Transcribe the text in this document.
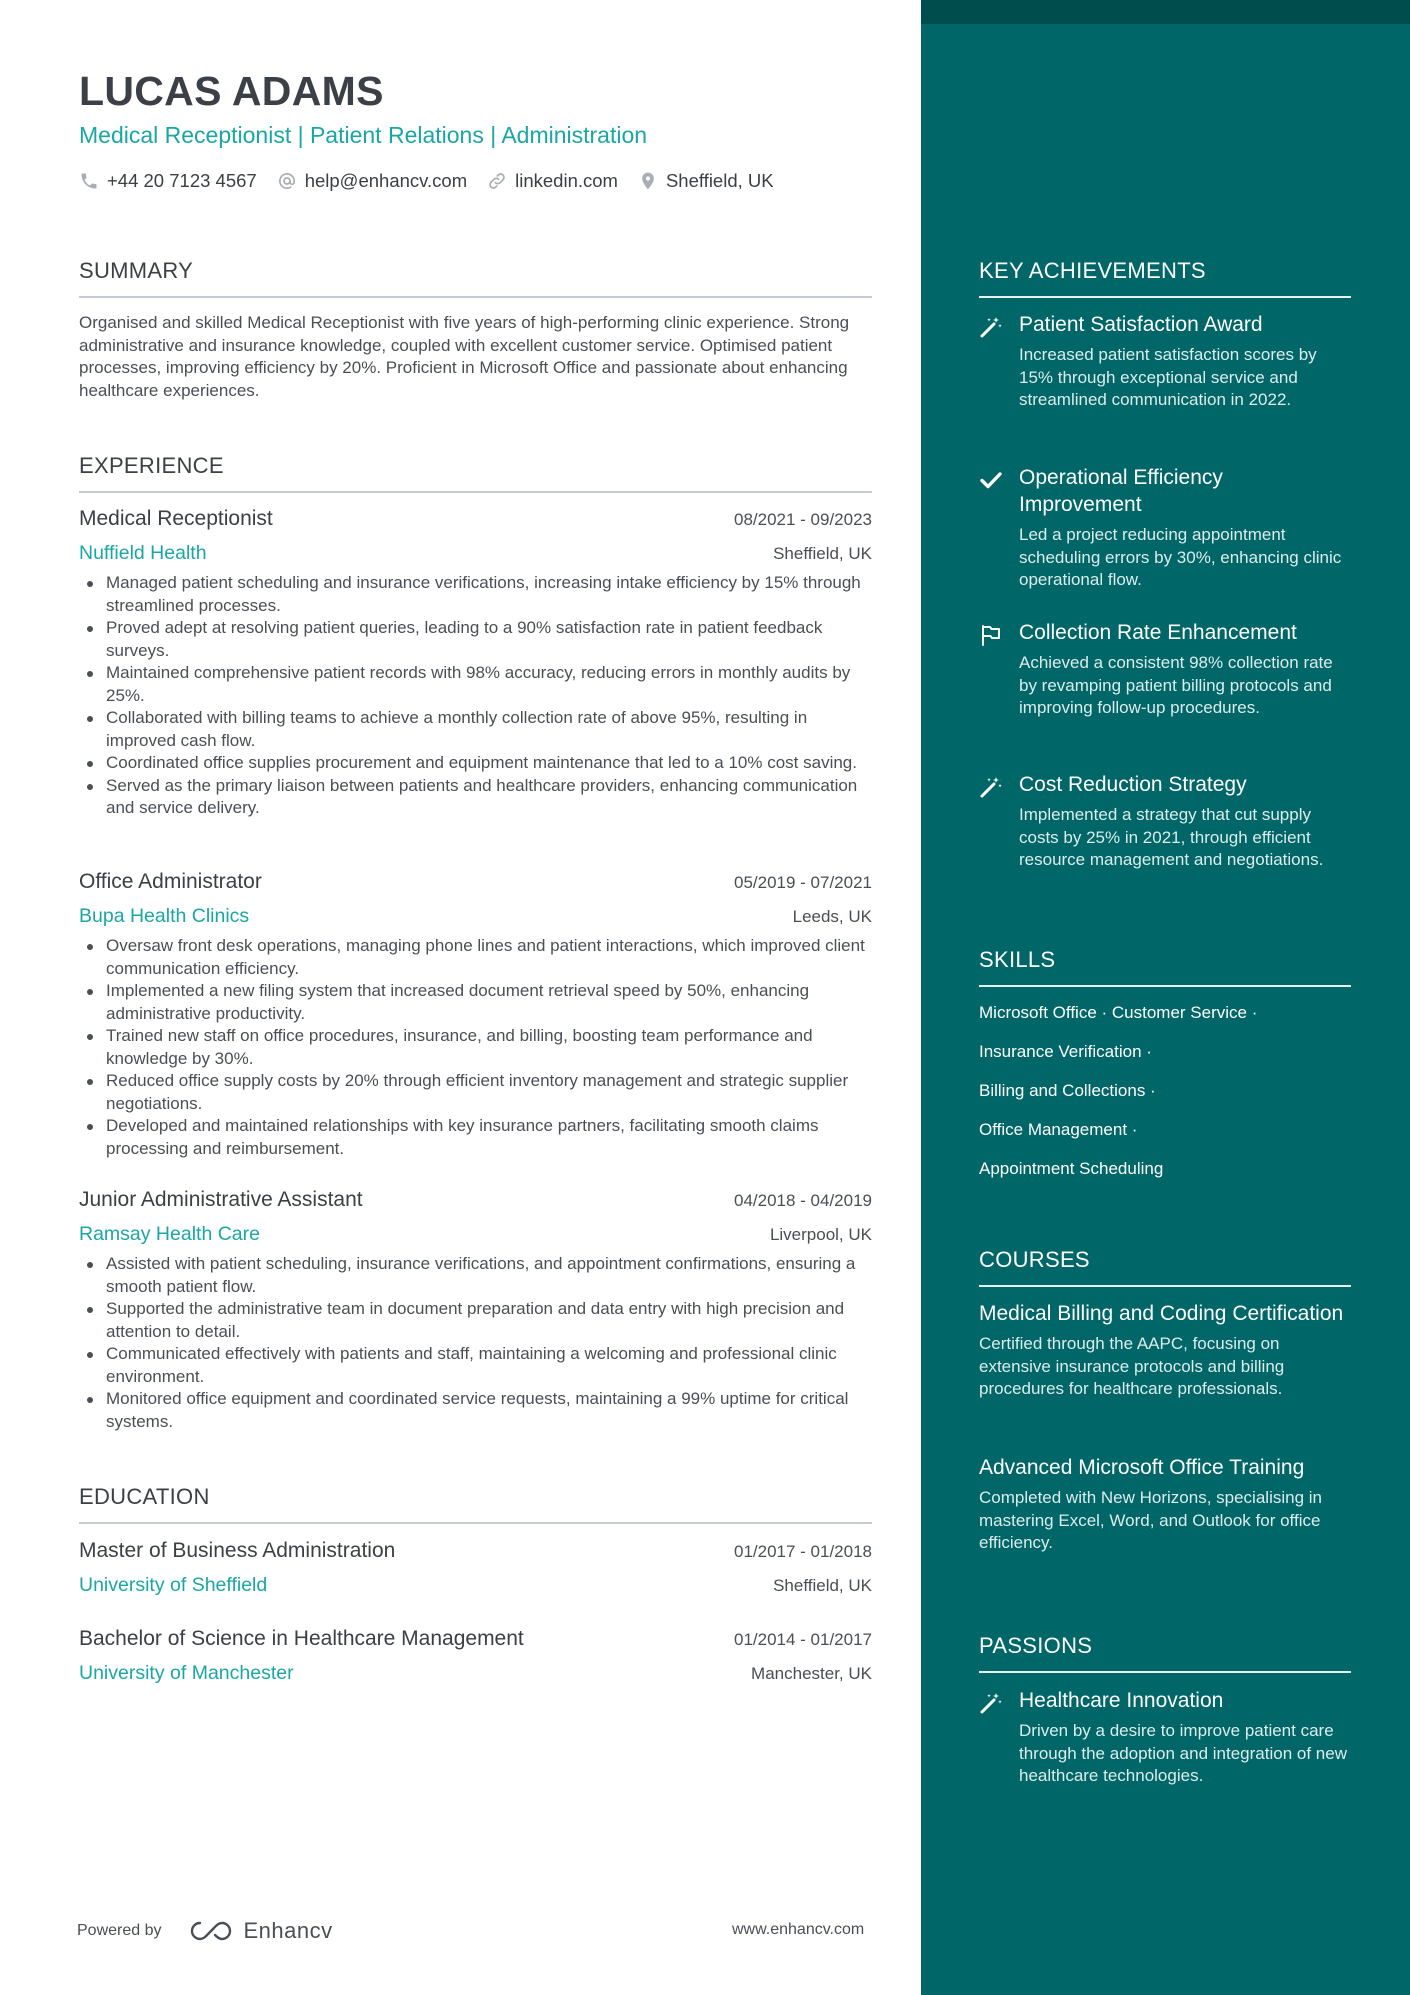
LUCAS ADAMS
Medical Receptionist | Patient Relations | Administration
+44 20 7123 4567	help@enhancv.com	linkedin.com	Sheffield, UK
SUMMARY
Organised and skilled Medical Receptionist with five years of high-performing clinic experience. Strong administrative and insurance knowledge, coupled with excellent customer service. Optimised patient processes, improving efficiency by 20%. Proficient in Microsoft Office and passionate about enhancing healthcare experiences.
EXPERIENCE
Medical Receptionist	08/2021 - 09/2023
Nuffield Health	Sheffield, UK
Managed patient scheduling and insurance verifications, increasing intake efficiency by 15% through streamlined processes.
Proved adept at resolving patient queries, leading to a 90% satisfaction rate in patient feedback surveys.
Maintained comprehensive patient records with 98% accuracy, reducing errors in monthly audits by 25%.
Collaborated with billing teams to achieve a monthly collection rate of above 95%, resulting in improved cash flow.
Coordinated office supplies procurement and equipment maintenance that led to a 10% cost saving.
Served as the primary liaison between patients and healthcare providers, enhancing communication and service delivery.
Office Administrator	05/2019 - 07/2021
Bupa Health Clinics	Leeds, UK
Oversaw front desk operations, managing phone lines and patient interactions, which improved client communication efficiency.
Implemented a new filing system that increased document retrieval speed by 50%, enhancing administrative productivity.
Trained new staff on office procedures, insurance, and billing, boosting team performance and knowledge by 30%.
Reduced office supply costs by 20% through efficient inventory management and strategic supplier negotiations.
Developed and maintained relationships with key insurance partners, facilitating smooth claims processing and reimbursement.
Junior Administrative Assistant	04/2018 - 04/2019
Ramsay Health Care	Liverpool, UK
Assisted with patient scheduling, insurance verifications, and appointment confirmations, ensuring a smooth patient flow.
Supported the administrative team in document preparation and data entry with high precision and attention to detail.
Communicated effectively with patients and staff, maintaining a welcoming and professional clinic environment.
Monitored office equipment and coordinated service requests, maintaining a 99% uptime for critical systems.
EDUCATION
Master of Business Administration	01/2017 - 01/2018
University of Sheffield	Sheffield, UK
Bachelor of Science in Healthcare Management	01/2014 - 01/2017
University of Manchester	Manchester, UK
Powered by	Enhancv	www.enhancv.com
KEY ACHIEVEMENTS
Patient Satisfaction Award
Increased patient satisfaction scores by 15% through exceptional service and streamlined communication in 2022.
Operational Efficiency Improvement
Led a project reducing appointment scheduling errors by 30%, enhancing clinic operational flow.
Collection Rate Enhancement
Achieved a consistent 98% collection rate by revamping patient billing protocols and improving follow-up procedures.
Cost Reduction Strategy
Implemented a strategy that cut supply costs by 25% in 2021, through efficient resource management and negotiations.
SKILLS
Microsoft Office · Customer Service ·
Insurance Verification ·
Billing and Collections ·
Office Management ·
Appointment Scheduling
COURSES
Medical Billing and Coding Certification
Certified through the AAPC, focusing on extensive insurance protocols and billing procedures for healthcare professionals.
Advanced Microsoft Office Training
Completed with New Horizons, specialising in mastering Excel, Word, and Outlook for office efficiency.
PASSIONS
Healthcare Innovation
Driven by a desire to improve patient care through the adoption and integration of new healthcare technologies.
